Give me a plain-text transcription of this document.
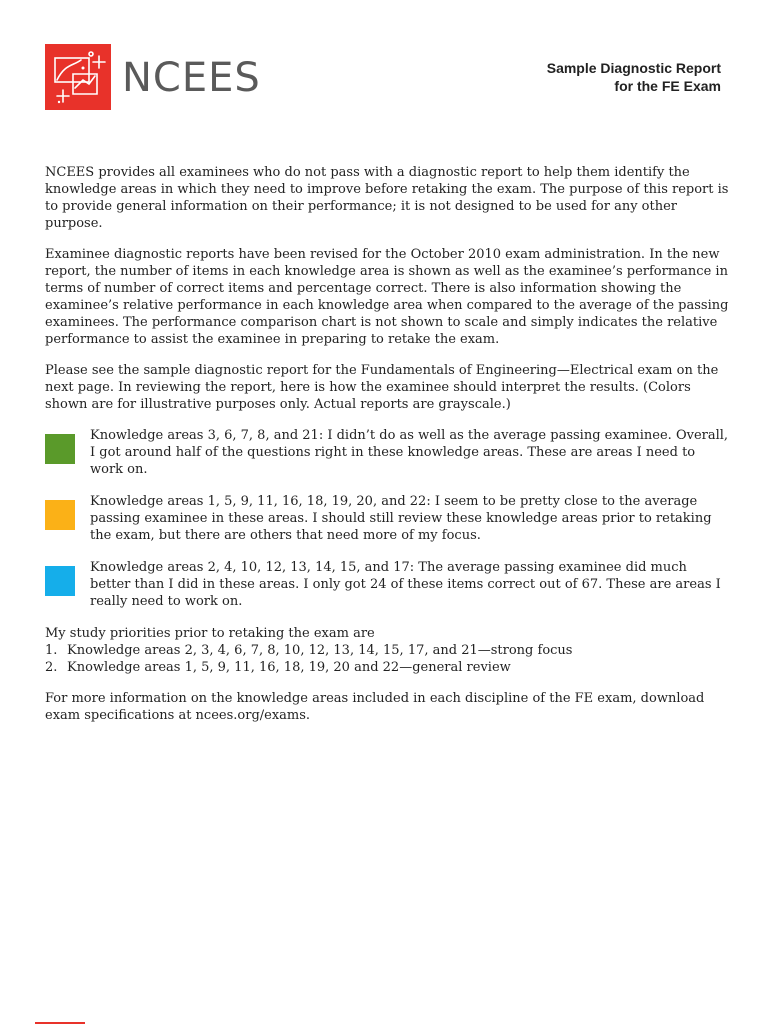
NCEES	Sample Diagnostic Report
for the FE Exam

NCEES provides all examinees who do not pass with a diagnostic report to help them identify the knowledge areas in which they need to improve before retaking the exam. The purpose of this report is to provide general information on their performance; it is not designed to be used for any other purpose.

Examinee diagnostic reports have been revised for the October 2010 exam administration. In the new report, the number of items in each knowledge area is shown as well as the examinee’s performance in terms of number of correct items and percentage correct. There is also information showing the examinee’s relative performance in each knowledge area when compared to the average of the passing examinees. The performance comparison chart is not shown to scale and simply indicates the relative performance to assist the examinee in preparing to retake the exam.

Please see the sample diagnostic report for the Fundamentals of Engineering—Electrical exam on the next page. In reviewing the report, here is how the examinee should interpret the results. (Colors shown are for illustrative purposes only. Actual reports are grayscale.)

Knowledge areas 3, 6, 7, 8, and 21: I didn’t do as well as the average passing examinee. Overall, I got around half of the questions right in these knowledge areas. These are areas I need to work on.
Knowledge areas 1, 5, 9, 11, 16, 18, 19, 20, and 22: I seem to be pretty close to the average passing examinee in these areas. I should still review these knowledge areas prior to retaking the exam, but there are others that need more of my focus.
Knowledge areas 2, 4, 10, 12, 13, 14, 15, and 17: The average passing examinee did much better than I did in these areas. I only got 24 of these items correct out of 67. These are areas I really need to work on.
My study priorities prior to retaking the exam are
1. Knowledge areas 2, 3, 4, 6, 7, 8, 10, 12, 13, 14, 15, 17, and 21—strong focus
2. Knowledge areas 1, 5, 9, 11, 16, 18, 19, 20 and 22—general review

For more information on the knowledge areas included in each discipline of the FE exam, download exam specifications at ncees.org/exams.
